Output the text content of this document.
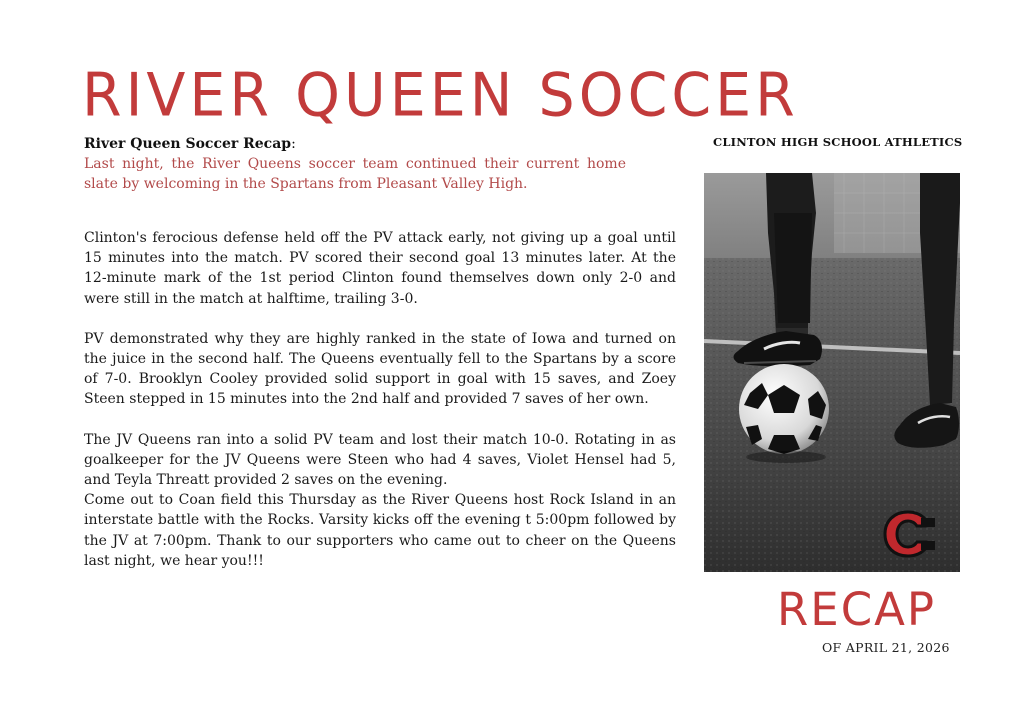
RIVER QUEEN SOCCER
CLINTON HIGH SCHOOL ATHLETICS
River Queen Soccer Recap:
Last night, the River Queens soccer team continued their current home slate by welcoming in the Spartans from Pleasant Valley High.

Clinton's ferocious defense held off the PV attack early, not giving up a goal until 15 minutes into the match. PV scored their second goal 13 minutes later. At the 12-minute mark of the 1st period Clinton found themselves down only 2-0 and were still in the match at halftime, trailing 3-0.

PV demonstrated why they are highly ranked in the state of Iowa and turned on the juice in the second half. The Queens eventually fell to the Spartans by a score of 7-0. Brooklyn Cooley provided solid support in goal with 15 saves, and Zoey Steen stepped in 15 minutes into the 2nd half and provided 7 saves of her own.

The JV Queens ran into a solid PV team and lost their match 10-0. Rotating in as goalkeeper for the JV Queens were Steen who had 4 saves, Violet Hensel had 5, and Teyla Threatt provided 2 saves on the evening.

Come out to Coan field this Thursday as the River Queens host Rock Island in an interstate battle with the Rocks. Varsity kicks off the evening t 5:00pm followed by the JV at 7:00pm. Thank to our supporters who came out to cheer on the Queens last night, we hear you!!!

RECAP
OF APRIL 21, 2026
